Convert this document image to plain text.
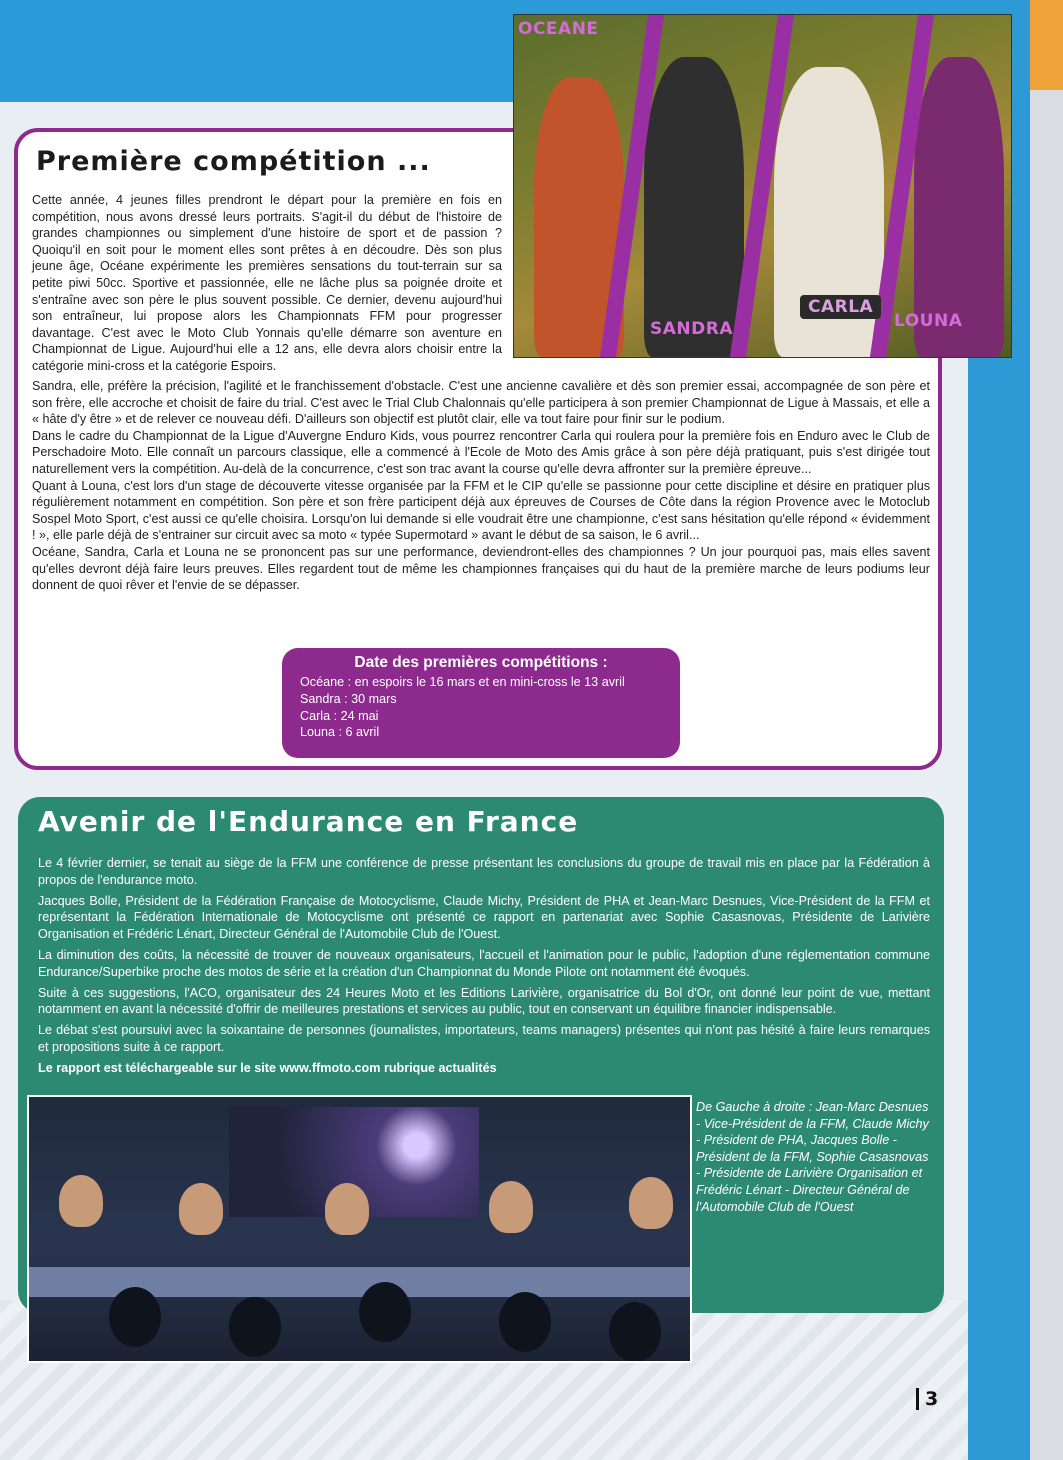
Première compétition ...

Cette année, 4 jeunes filles prendront le départ pour la première en fois en compétition, nous avons dressé leurs portraits. S'agit-il du début de l'histoire de grandes championnes ou simplement d'une histoire de sport et de passion ? Quoiqu'il en soit pour le moment elles sont prêtes à en découdre. Dès son plus jeune âge, Océane expérimente les premières sensations du tout-terrain sur sa petite piwi 50cc. Sportive et passionnée, elle ne lâche plus sa poignée droite et s'entraîne avec son père le plus souvent possible. Ce dernier, devenu aujourd'hui son entraîneur, lui propose alors les Championnats FFM pour progresser davantage. C'est avec le Moto Club Yonnais qu'elle démarre son aventure en Championnat de Ligue. Aujourd'hui elle a 12 ans, elle devra alors choisir entre la catégorie mini-cross et la catégorie Espoirs.

Sandra, elle, préfère la précision, l'agilité et le franchissement d'obstacle. C'est une ancienne cavalière et dès son premier essai, accompagnée de son père et son frère, elle accroche et choisit de faire du trial. C'est avec le Trial Club Chalonnais qu'elle participera à son premier Championnat de Ligue à Massais, et elle a « hâte d'y être » et de relever ce nouveau défi. D'ailleurs son objectif est plutôt clair, elle va tout faire pour finir sur le podium.

Dans le cadre du Championnat de la Ligue d'Auvergne Enduro Kids, vous pourrez rencontrer Carla qui roulera pour la première fois en Enduro avec le Club de Perschadoire Moto. Elle connaît un parcours classique, elle a commencé à l'Ecole de Moto des Amis grâce à son père déjà pratiquant, puis s'est dirigée tout naturellement vers la compétition. Au-delà de la concurrence, c'est son trac avant la course qu'elle devra affronter sur la première épreuve...

Quant à Louna, c'est lors d'un stage de découverte vitesse organisée par la FFM et le CIP qu'elle se passionne pour cette discipline et désire en pratiquer plus régulièrement notamment en compétition. Son père et son frère participent déjà aux épreuves de Courses de Côte dans la région Provence avec le Motoclub Sospel Moto Sport, c'est aussi ce qu'elle choisira. Lorsqu'on lui demande si elle voudrait être une championne, c'est sans hésitation qu'elle répond « évidemment ! », elle parle déjà de s'entrainer sur circuit avec sa moto « typée Supermotard » avant le début de sa saison, le 6 avril...

Océane, Sandra, Carla et Louna ne se prononcent pas sur une performance, deviendront-elles des championnes ? Un jour pourquoi pas, mais elles savent qu'elles devront déjà faire leurs preuves. Elles regardent tout de même les championnes françaises qui du haut de la première marche de leurs podiums leur donnent de quoi rêver et l'envie de se dépasser.

OCEANE
SANDRA
CARLA
LOUNA

Date des premières compétitions :

Océane : en espoirs le 16 mars et en mini-cross le 13 avril

Sandra : 30 mars

Carla : 24 mai

Louna : 6 avril

Avenir de l'Endurance en France

Le 4 février dernier, se tenait au siège de la FFM une conférence de presse présentant les conclusions du groupe de travail mis en place par la Fédération à propos de l'endurance moto.

Jacques Bolle, Président de la Fédération Française de Motocyclisme, Claude Michy, Président de PHA et Jean-Marc Desnues, Vice-Président de la FFM et représentant la Fédération Internationale de Motocyclisme ont présenté ce rapport en partenariat avec Sophie Casasnovas, Présidente de Larivière Organisation et Frédéric Lénart, Directeur Général de l'Automobile Club de l'Ouest.

La diminution des coûts, la nécessité de trouver de nouveaux organisateurs, l'accueil et l'animation pour le public, l'adoption d'une réglementation commune Endurance/Superbike proche des motos de série et la création d'un Championnat du Monde Pilote ont notamment été évoqués.

Suite à ces suggestions, l'ACO, organisateur des 24 Heures Moto et les Editions Larivière, organisatrice du Bol d'Or, ont donné leur point de vue, mettant notamment en avant la nécessité d'offrir de meilleures prestations et services au public, tout en conservant un équilibre financier indispensable.

Le débat s'est poursuivi avec la soixantaine de personnes (journalistes, importateurs, teams managers) présentes qui n'ont pas hésité à faire leurs remarques et propositions suite à ce rapport.

Le rapport est téléchargeable sur le site www.ffmoto.com rubrique actualités

De Gauche à droite : Jean-Marc Desnues - Vice-Président de la FFM, Claude Michy - Président de PHA, Jacques Bolle - Président de la FFM, Sophie Casasnovas - Présidente de Larivière Organisation et Frédéric Lénart - Directeur Général de l'Automobile Club de l'Ouest

3
